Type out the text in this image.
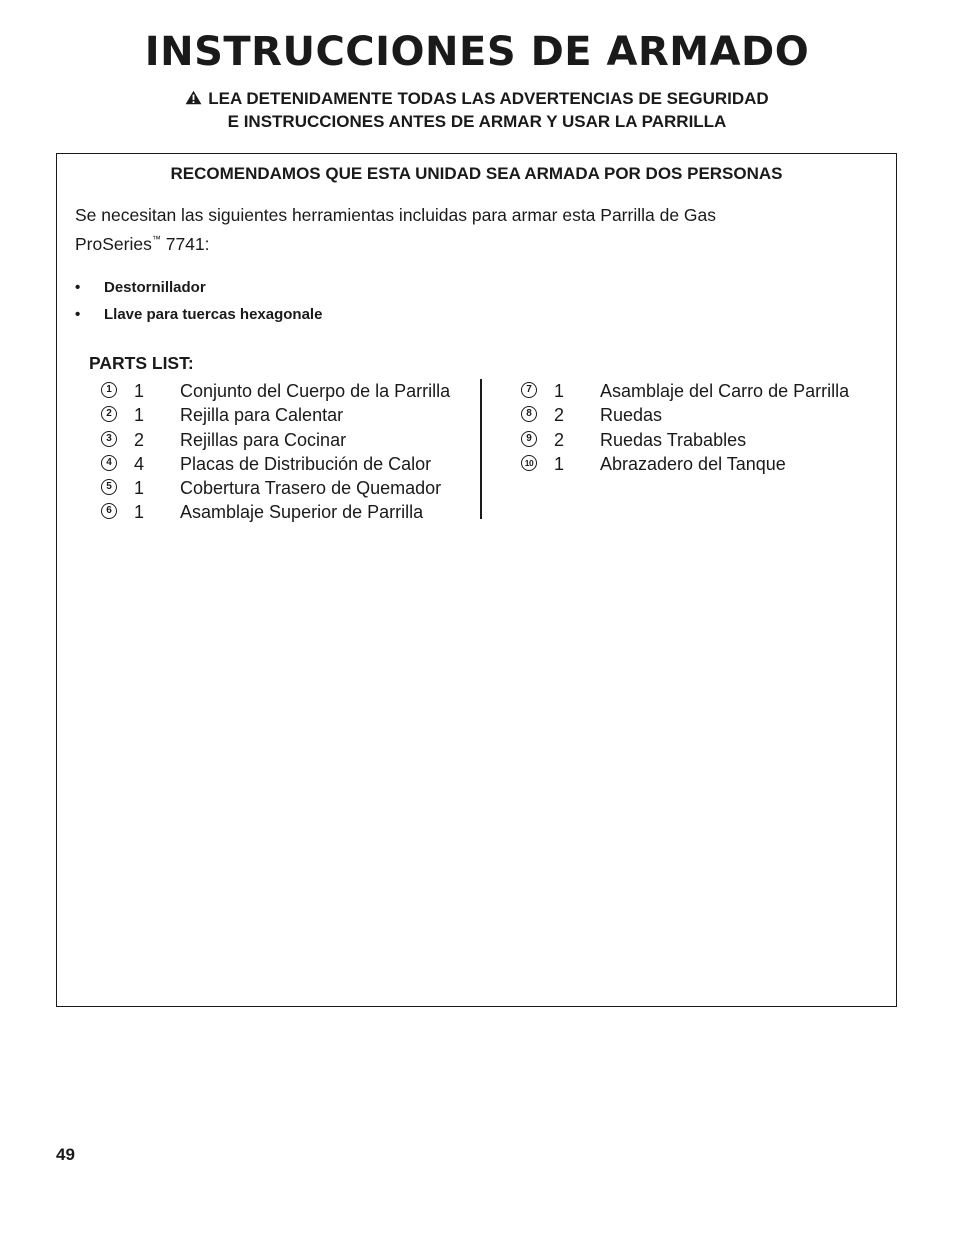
INSTRUCCIONES DE ARMADO
LEA DETENIDAMENTE TODAS LAS ADVERTENCIAS DE SEGURIDAD
E INSTRUCCIONES ANTES DE ARMAR Y USAR LA PARRILLA
RECOMENDAMOS QUE ESTA UNIDAD SEA ARMADA POR DOS PERSONAS
Se necesitan las siguientes herramientas incluidas para armar esta Parrilla de Gas
ProSeries™ 7741:
• Destornillador
• Llave para tuercas hexagonale
PARTS LIST:
1 1 Conjunto del Cuerpo de la Parrilla
2 1 Rejilla para Calentar
3 2 Rejillas para Cocinar
4 4 Placas de Distribución de Calor
5 1 Cobertura Trasero de Quemador
6 1 Asamblaje Superior de Parrilla
7 1 Asamblaje del Carro de Parrilla
8 2 Ruedas
9 2 Ruedas Trabables
10 1 Abrazadero del Tanque
49
